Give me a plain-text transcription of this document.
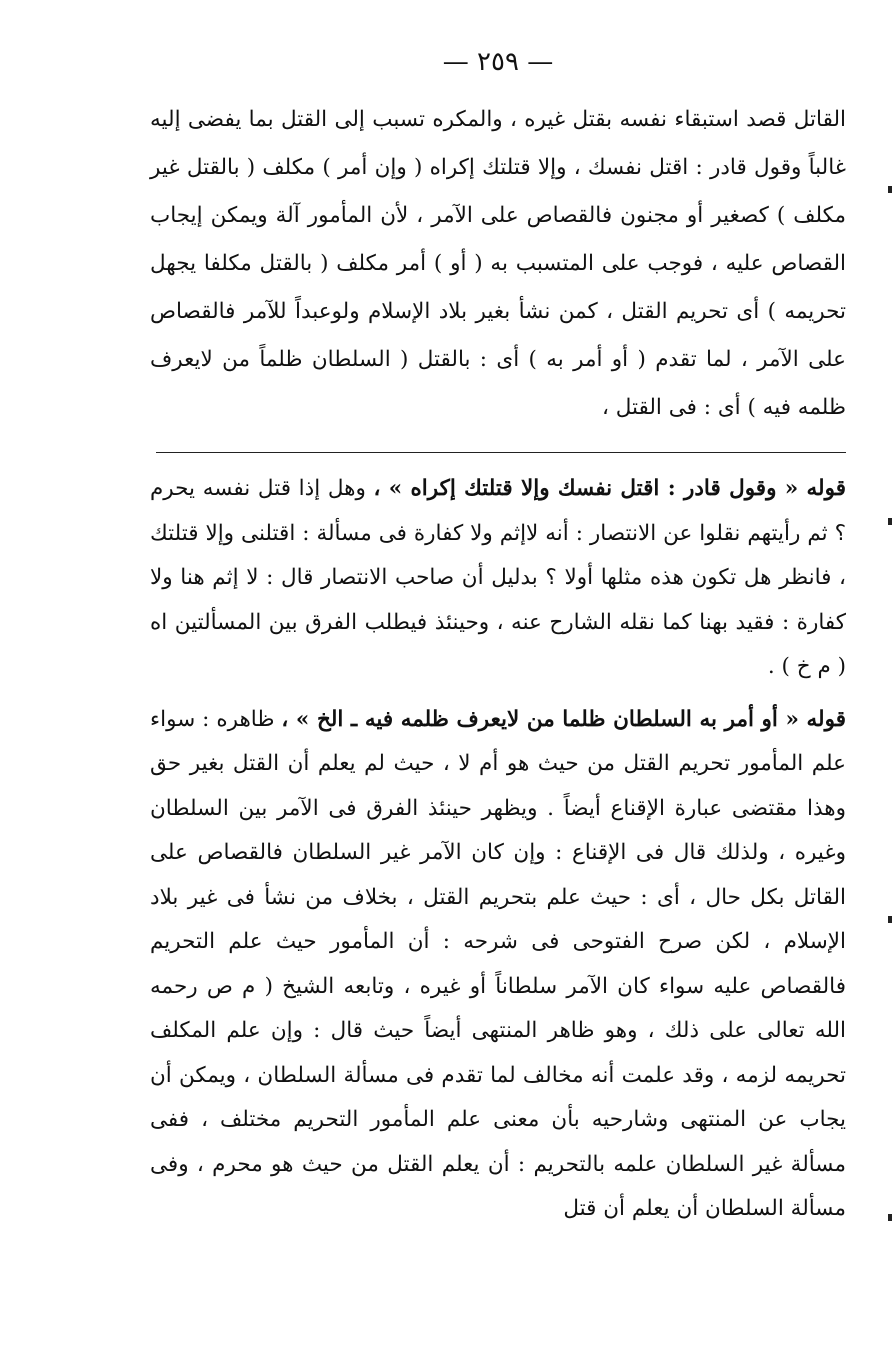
— ٢٥٩ —

القاتل قصد استبقاء نفسه بقتل غيره ، والمكره تسبب إلى القتل بما يفضى إليه غالباً وقول قادر : اقتل نفسك ، وإلا قتلتك إكراه ( وإن أمر ) مكلف ( بالقتل غير مكلف ) كصغير أو مجنون فالقصاص على الآمر ، لأن المأمور آلة ويمكن إيجاب القصاص عليه ، فوجب على المتسبب به ( أو ) أمر مكلف ( بالقتل مكلفا يجهل تحريمه ) أى تحريم القتل ، كمن نشأ بغير بلاد الإسلام ولوعبداً للآمر فالقصاص على الآمر ، لما تقدم ( أو أمر به ) أى : بالقتل ( السلطان ظلماً من لايعرف ظلمه فيه ) أى : فى القتل ،

قوله « وقول قادر : اقتل نفسك وإلا قتلتك إكراه » ، وهل إذا قتل نفسه يحرم ؟ ثم رأيتهم نقلوا عن الانتصار : أنه لاإثم ولا كفارة فى مسألة : اقتلنى وإلا قتلتك ، فانظر هل تكون هذه مثلها أولا ؟ بدليل أن صاحب الانتصار قال : لا إثم هنا ولا كفارة : فقيد بهنا كما نقله الشارح عنه ، وحينئذ فيطلب الفرق بين المسألتين اه ( م خ ) .

قوله « أو أمر به السلطان ظلما من لايعرف ظلمه فيه ـ الخ » ، ظاهره : سواء علم المأمور تحريم القتل من حيث هو أم لا ، حيث لم يعلم أن القتل بغير حق وهذا مقتضى عبارة الإقناع أيضاً . ويظهر حينئذ الفرق فى الآمر بين السلطان وغيره ، ولذلك قال فى الإقناع : وإن كان الآمر غير السلطان فالقصاص على القاتل بكل حال ، أى : حيث علم بتحريم القتل ، بخلاف من نشأ فى غير بلاد الإسلام ، لكن صرح الفتوحى فى شرحه : أن المأمور حيث علم التحريم فالقصاص عليه سواء كان الآمر سلطاناً أو غيره ، وتابعه الشيخ ( م ص رحمه الله تعالى على ذلك ، وهو ظاهر المنتهى أيضاً حيث قال : وإن علم المكلف تحريمه لزمه ، وقد علمت أنه مخالف لما تقدم فى مسألة السلطان ، ويمكن أن يجاب عن المنتهى وشارحيه بأن معنى علم المأمور التحريم مختلف ، ففى مسألة غير السلطان علمه بالتحريم : أن يعلم القتل من حيث هو محرم ، وفى مسألة السلطان أن يعلم أن قتل
